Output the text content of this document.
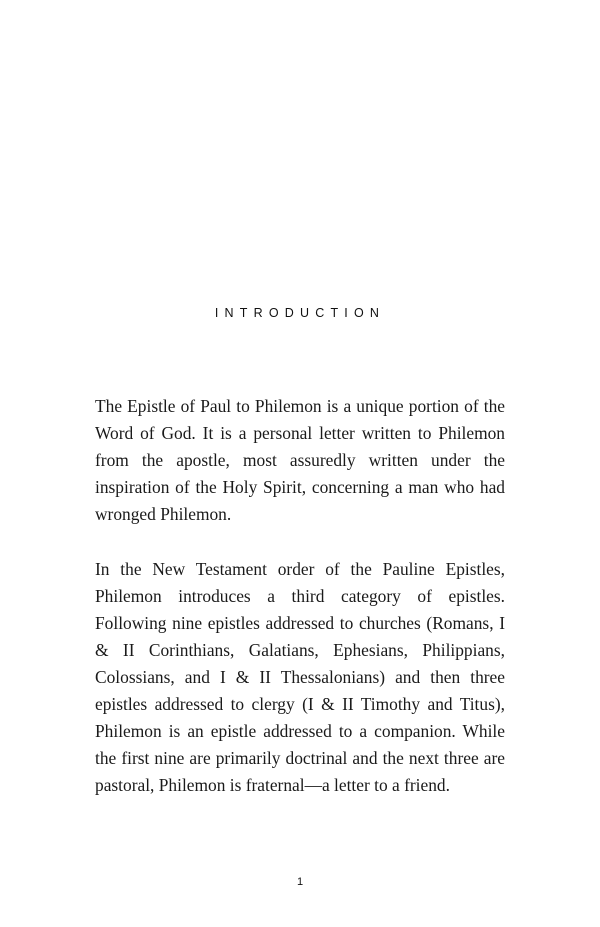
INTRODUCTION

The Epistle of Paul to Philemon is a unique portion of the Word of God. It is a personal letter written to Philemon from the apostle, most assuredly written under the inspiration of the Holy Spirit, concerning a man who had wronged Philemon.

In the New Testament order of the Pauline Epistles, Philemon introduces a third category of epistles. Following nine epistles addressed to churches (Romans, I & II Corinthians, Galatians, Ephesians, Philippians, Colossians, and I & II Thessalonians) and then three epistles addressed to clergy (I & II Timothy and Titus), Philemon is an epistle addressed to a companion. While the first nine are primarily doctrinal and the next three are pastoral, Philemon is fraternal—a letter to a friend.

1
